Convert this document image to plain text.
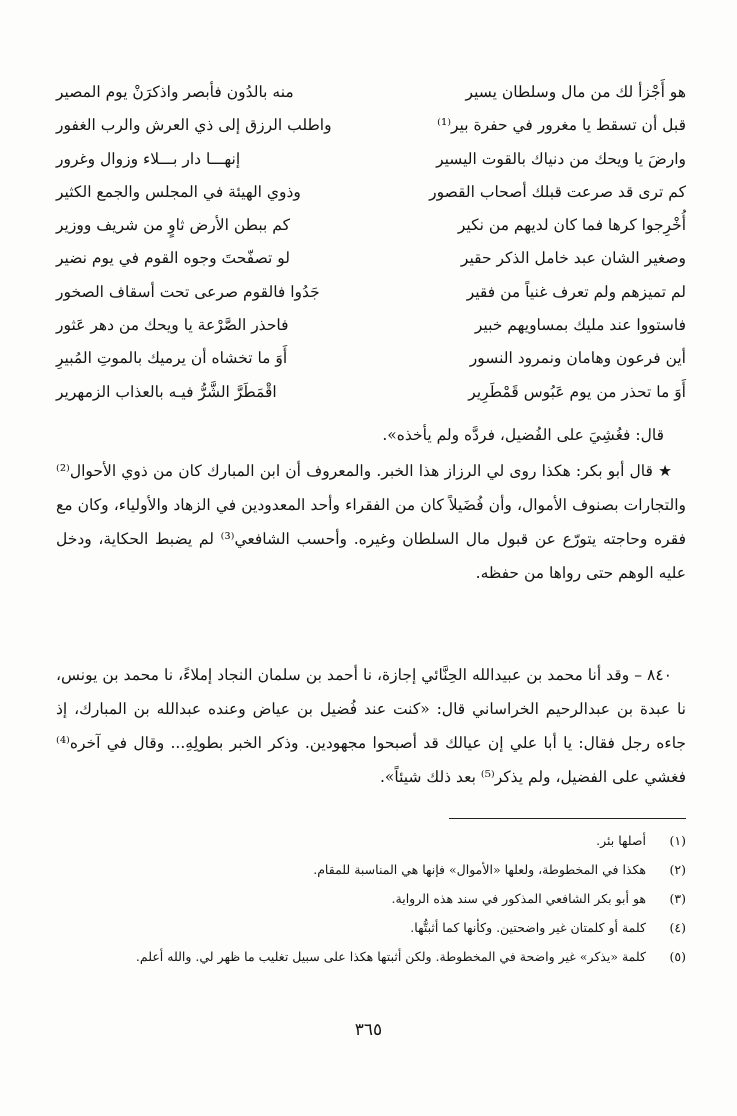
هو أَجْزأ لك من مال وسلطان يسير
منه بالدُون فأبصر واذكرَنْ يوم المصير
قبل أن تسقط يا مغرور في حفرة بير⁽¹⁾
واطلب الرزق إلى ذي العرش والرب الغفور
وارضَ يا ويحك من دنياك بالقوت اليسير
إنهـــا دار بـــلاء وزوال وغرور
كم ترى قد صرعت قبلك أصحاب القصور
وذوي الهيئة في المجلس والجمع الكثير
أُخْرِجوا كرها فما كان لديهم من نكير
كم ببطن الأرض ثاوٍ من شريف ووزير
وصغير الشان عبد خامل الذكر حقير
لو تصفّحتَ وجوه القوم في يوم نضير
لم تميزهم ولم تعرف غنياً من فقير
جَدُوا فالقوم صرعى تحت أسقاف الصخور
فاستووا عند مليك بمساويهم خبير
فاحذر الصَّرْعة يا ويحك من دهر عَثور
أين فرعون وهامان ونمرود النسور
أَوَ ما تخشاه أن يرميك بالموتِ المُبيرِ
أَوَ ما تحذر من يوم عَبُوس قَمْطَرِير
اقْمَطَرَّ الشَّرُّ فيـه بالعذاب الزمهرير

قال: فغُشِيَ على الفُضيل، فردَّه ولم يأخذه».

★ قال أبو بكر: هكذا روى لي الرزاز هذا الخبر. والمعروف أن ابن المبارك كان من ذوي الأحوال⁽²⁾ والتجارات بصنوف الأموال، وأن فُضَيلاً كان من الفقراء وأحد المعدودين في الزهاد والأولياء، وكان مع فقره وحاجته يتورّع عن قبول مال السلطان وغيره. وأحسب الشافعي⁽³⁾ لم يضبط الحكاية، ودخل عليه الوهم حتى رواها من حفظه.

٨٤٠ – وقد أنا محمد بن عبيدالله الحِنَّائي إجازة، نا أحمد بن سلمان النجاد إملاءً، نا محمد بن يونس، نا عبدة بن عبدالرحيم الخراساني قال: «كنت عند فُضيل بن عياض وعنده عبدالله بن المبارك، إذ جاءه رجل فقال: يا أبا علي إن عيالك قد أصبحوا مجهودين. وذكر الخبر بطولِهِ... وقال في آخره⁽⁴⁾ فغشي على الفضيل، ولم يذكر⁽⁵⁾ بعد ذلك شيئاً».

(١)
أصلها بئر.
(٢)
هكذا في المخطوطة، ولعلها «الأموال» فإنها هي المناسبة للمقام.
(٣)
هو أبو بكر الشافعي المذكور في سند هذه الرواية.
(٤)
كلمة أو كلمتان غير واضحتين. وكأنها كما أثبتُّها.
(٥)
كلمة «يذكر» غير واضحة في المخطوطة. ولكن أثبتها هكذا على سبيل تغليب ما ظهر لي. والله أعلم.
٣٦٥
